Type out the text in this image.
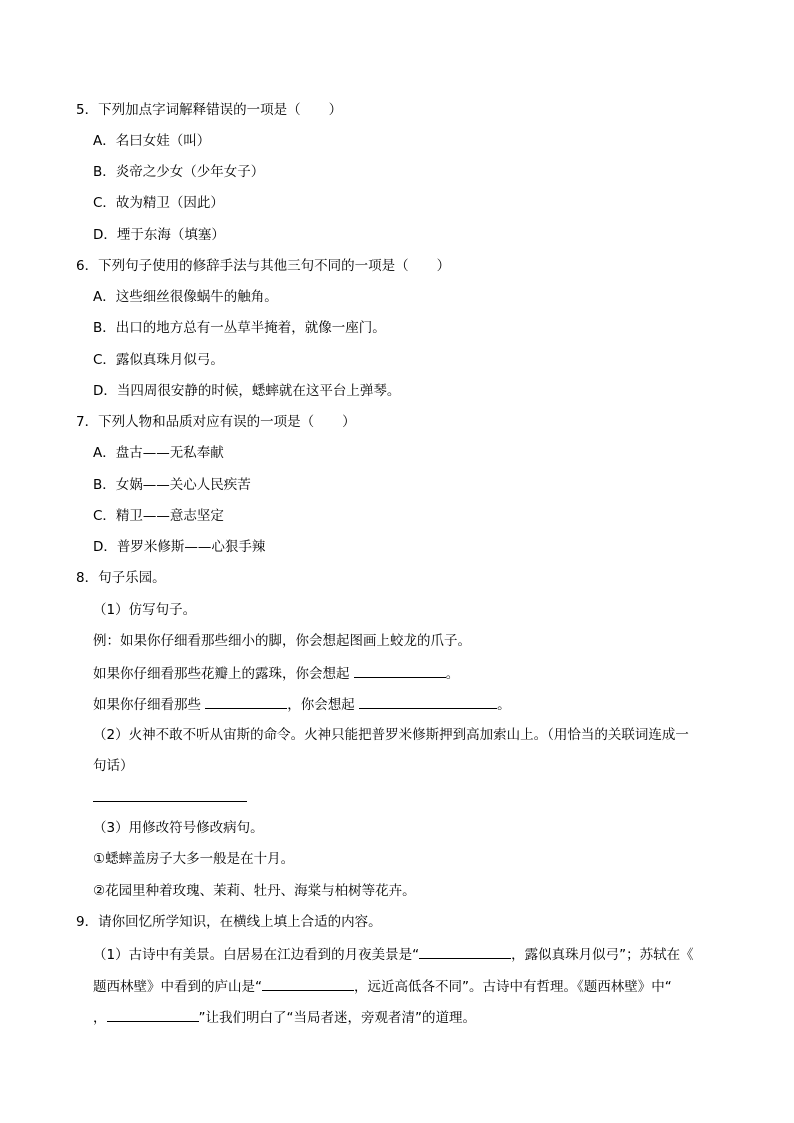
5．下列加点字词解释错误的一项是（ ）
A．名曰女娃（叫）
B．炎帝之少女（少年女子）
C．故为精卫（因此）
D．堙于东海（填塞）
6．下列句子使用的修辞手法与其他三句不同的一项是（ ）
A．这些细丝很像蜗牛的触角。
B．出口的地方总有一丛草半掩着，就像一座门。
C．露似真珠月似弓。
D．当四周很安静的时候，蟋蟀就在这平台上弹琴。
7．下列人物和品质对应有误的一项是（ ）
A．盘古——无私奉献
B．女娲——关心人民疾苦
C．精卫——意志坚定
D．普罗米修斯——心狠手辣
8．句子乐园。
（1）仿写句子。
例：如果你仔细看那些细小的脚，你会想起图画上蛟龙的爪子。
如果你仔细看那些花瓣上的露珠，你会想起	。
如果你仔细看那些	，你会想起	。
（2）火神不敢不听从宙斯的命令。火神只能把普罗米修斯押到高加索山上。（用恰当的关联词连成一
句话）
（3）用修改符号修改病句。
①蟋蟀盖房子大多一般是在十月。
②花园里种着玫瑰、茉莉、牡丹、海棠与柏树等花卉。
9．请你回忆所学知识，在横线上填上合适的内容。
（1）古诗中有美景。白居易在江边看到的月夜美景是“	，露似真珠月似弓”；苏轼在《
题西林壁》中看到的庐山是“	，远近高低各不同”。古诗中有哲理。《题西林壁》中“
，	”让我们明白了“当局者迷，旁观者清”的道理。
